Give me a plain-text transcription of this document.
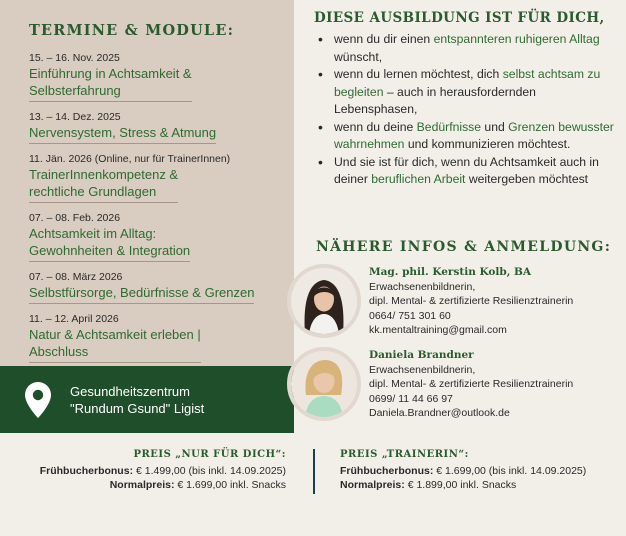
TERMINE & MODULE:
15. – 16. Nov. 2025
Einführung in Achtsamkeit &
Selbsterfahrung
13. – 14. Dez. 2025
Nervensystem, Stress & Atmung
11. Jän. 2026 (Online, nur für TrainerInnen)
TrainerInnenkompetenz &
rechtliche Grundlagen
07. – 08. Feb. 2026
Achtsamkeit im Alltag:
Gewohnheiten & Integration
07. – 08. März 2026
Selbstfürsorge, Bedürfnisse & Grenzen
11. – 12. April 2026
Natur & Achtsamkeit erleben |
Abschluss
Gesundheitszentrum
"Rundum Gsund" Ligist
DIESE AUSBILDUNG IST FÜR DICH,
• wenn du dir einen entspannteren ruhigeren Alltag wünscht,
• wenn du lernen möchtest, dich selbst achtsam zu begleiten – auch in herausfordernden Lebensphasen,
• wenn du deine Bedürfnisse und Grenzen bewusster wahrnehmen und kommunizieren möchtest.
• Und sie ist für dich, wenn du Achtsamkeit auch in deiner beruflichen Arbeit weitergeben möchtest
NÄHERE INFOS & ANMELDUNG:
Mag. phil. Kerstin Kolb, BA
Erwachsenenbildnerin,
dipl. Mental- & zertifizierte Resilienztrainerin
0664/ 751 301 60
kk.mentaltraining@gmail.com
Daniela Brandner
Erwachsenenbildnerin,
dipl. Mental- & zertifizierte Resilienztrainerin
0699/ 11 44 66 97
Daniela.Brandner@outlook.de
PREIS „NUR FÜR DICH“:
Frühbucherbonus: € 1.499,00 (bis inkl. 14.09.2025)
Normalpreis: € 1.699,00 inkl. Snacks
PREIS „TRAINERIN“:
Frühbucherbonus: € 1.699,00 (bis inkl. 14.09.2025)
Normalpreis: € 1.899,00 inkl. Snacks
